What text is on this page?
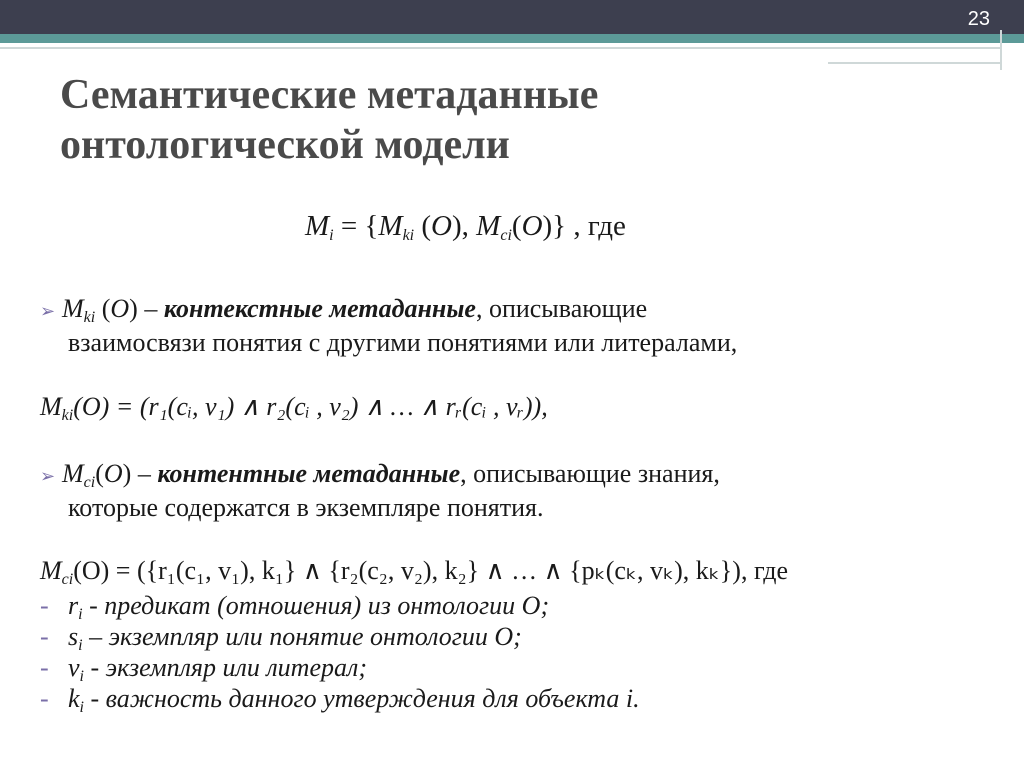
23
Семантические метаданные
онтологической модели
$M_i = \{M_{ki}$ (O), $M_{ci}(O)$} , где
➢ $M_{ki}$ (O) – контекстные метаданные, описывающие
взаимосвязи понятия с другими понятиями или литералами,
$M_{ki}(O)$ = (r₁(cᵢ, v₁) ∧ r₂(cᵢ , v₂) ∧ … ∧ rᵣ(cᵢ , vᵣ)),
➢ $M_{ci}(O)$ – контентные метаданные, описывающие знания,
которые содержатся в экземпляре понятия.
$M_{ci}(O) = (\{r_1(c_1$, v₁), k₁} ∧ {r₂(c₂, v₂), k₂} ∧ … ∧ {pₖ(cₖ, vₖ), kₖ}), где
- $r_i$ - предикат (отношения) из онтологии O;
- $s_i$ – экземпляр или понятие онтологии O;
- $v_i$ - экземпляр или литерал;
- $k_i$ - важность данного утверждения для объекта i.
